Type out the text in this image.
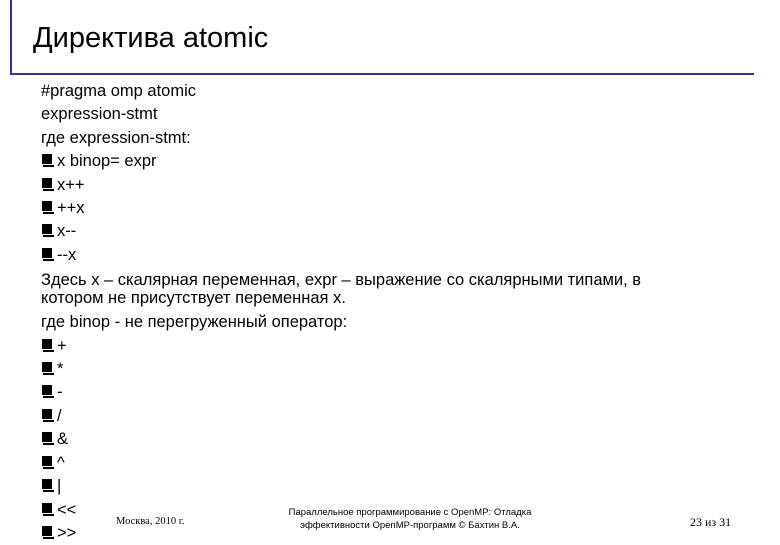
Директива atomic
#pragma omp atomic
expression-stmt
где expression-stmt:
x binop= expr
x++
++x
x--
--x
Здесь x – скалярная переменная, expr – выражение со скалярными типами, в котором не присутствует переменная x.
где binop - не перегруженный оператор:
+
*
-
/
&
^
|
<<
>>
Москва, 2010 г.
Параллельное программирование с OpenMP: Отладка
эффективности OpenMP-программ © Бахтин В.А.	23 из 31
